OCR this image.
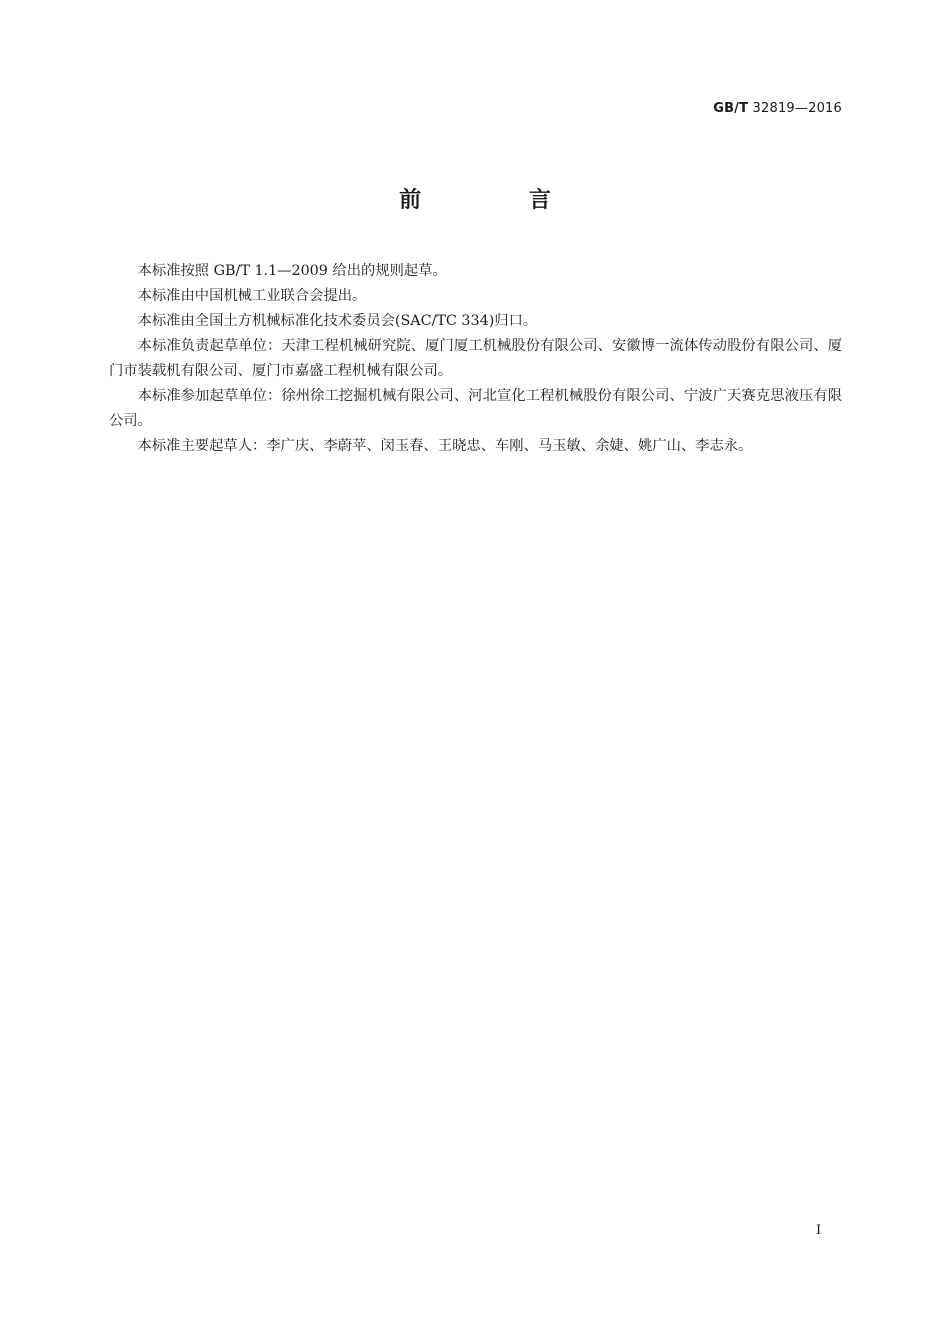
GB/T 32819—2016
前 言

本标准按照 GB/T 1.1—2009 给出的规则起草。

本标准由中国机械工业联合会提出。

本标准由全国土方机械标准化技术委员会(SAC/TC 334)归口。

本标准负责起草单位：天津工程机械研究院、厦门厦工机械股份有限公司、安徽博一流体传动股份有限公司、厦门市装载机有限公司、厦门市嘉盛工程机械有限公司。

本标准参加起草单位：徐州徐工挖掘机械有限公司、河北宣化工程机械股份有限公司、宁波广天赛克思液压有限公司。

本标准主要起草人：李广庆、李蔚苹、闵玉春、王晓忠、车刚、马玉敏、余婕、姚广山、李志永。

I
